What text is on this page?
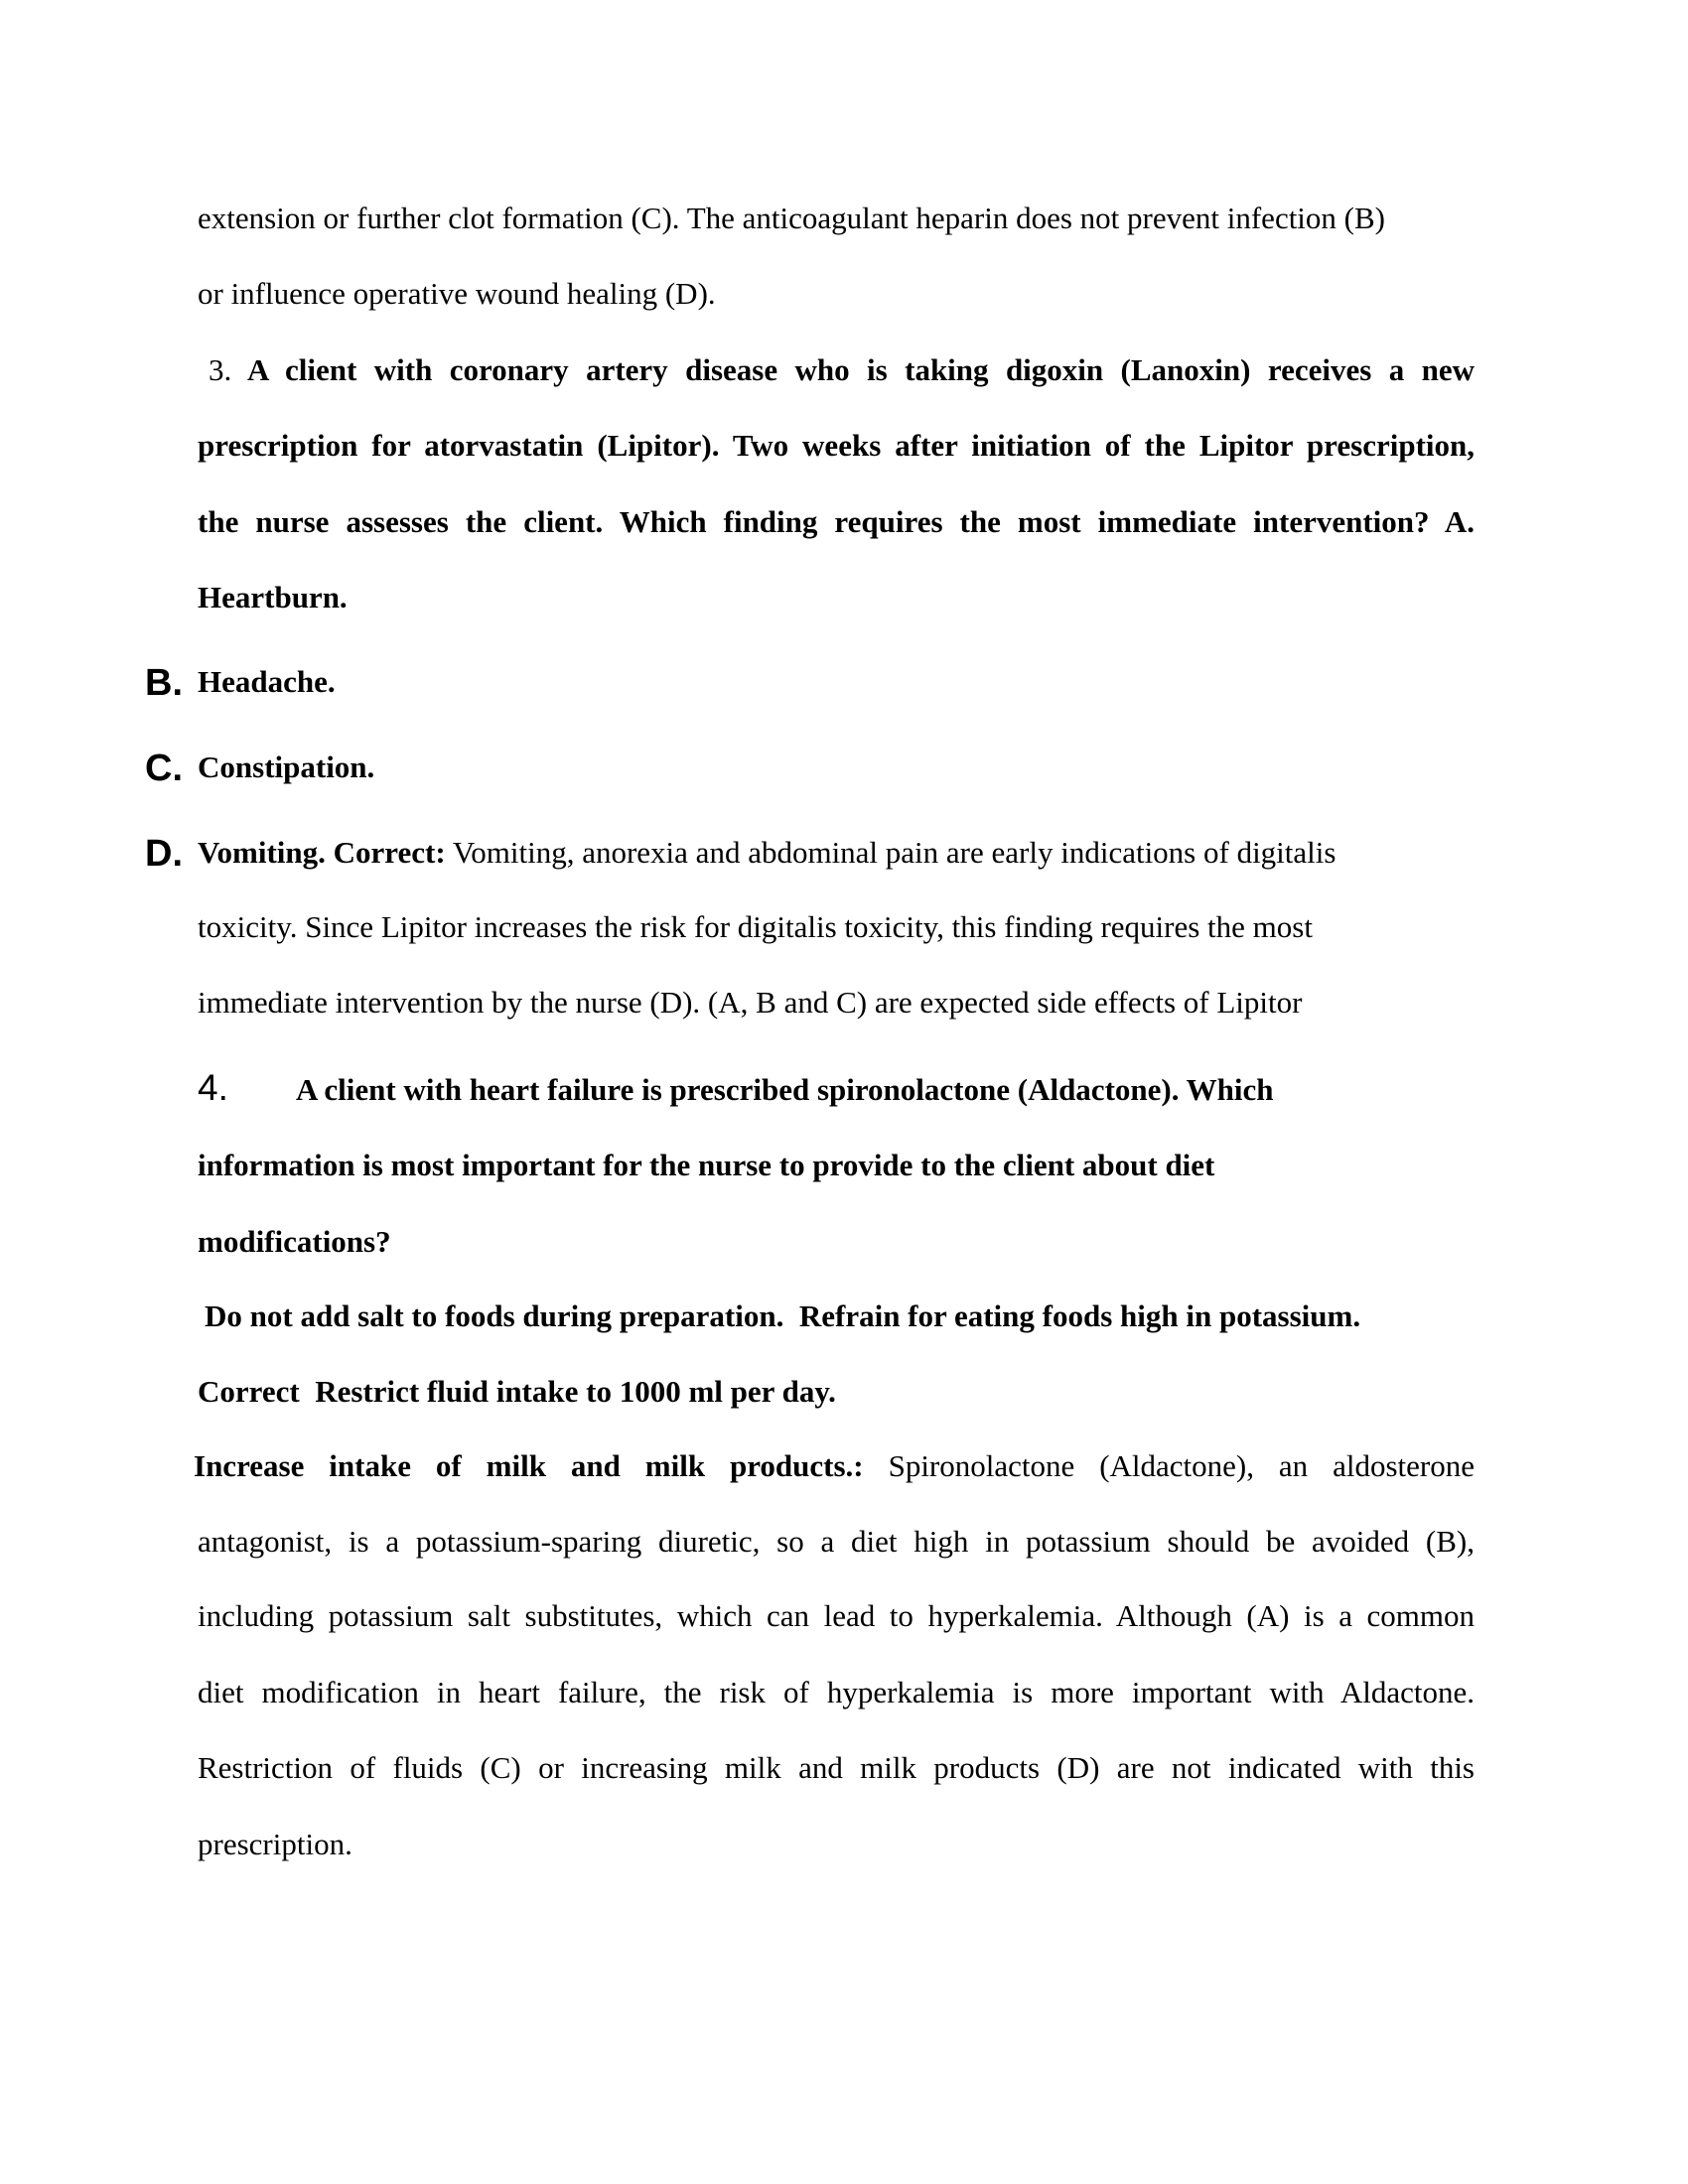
extension or further clot formation (C). The anticoagulant heparin does not prevent infection (B)
or influence operative wound healing (D).
3. A client with coronary artery disease who is taking digoxin (Lanoxin) receives a new
prescription for atorvastatin (Lipitor). Two weeks after initiation of the Lipitor prescription,
the nurse assesses the client. Which finding requires the most immediate intervention? A.
Heartburn.
B. Headache.
C. Constipation.
D. Vomiting. Correct: Vomiting, anorexia and abdominal pain are early indications of digitalis
toxicity. Since Lipitor increases the risk for digitalis toxicity, this finding requires the most
immediate intervention by the nurse (D). (A, B and C) are expected side effects of Lipitor
4. A client with heart failure is prescribed spironolactone (Aldactone). Which
information is most important for the nurse to provide to the client about diet
modifications?
Do not add salt to foods during preparation.  Refrain for eating foods high in potassium.
Correct  Restrict fluid intake to 1000 ml per day.
Increase intake of milk and milk products.: Spironolactone (Aldactone), an aldosterone
antagonist, is a potassium-sparing diuretic, so a diet high in potassium should be avoided (B),
including potassium salt substitutes, which can lead to hyperkalemia. Although (A) is a common
diet modification in heart failure, the risk of hyperkalemia is more important with Aldactone.
Restriction of fluids (C) or increasing milk and milk products (D) are not indicated with this
prescription.
